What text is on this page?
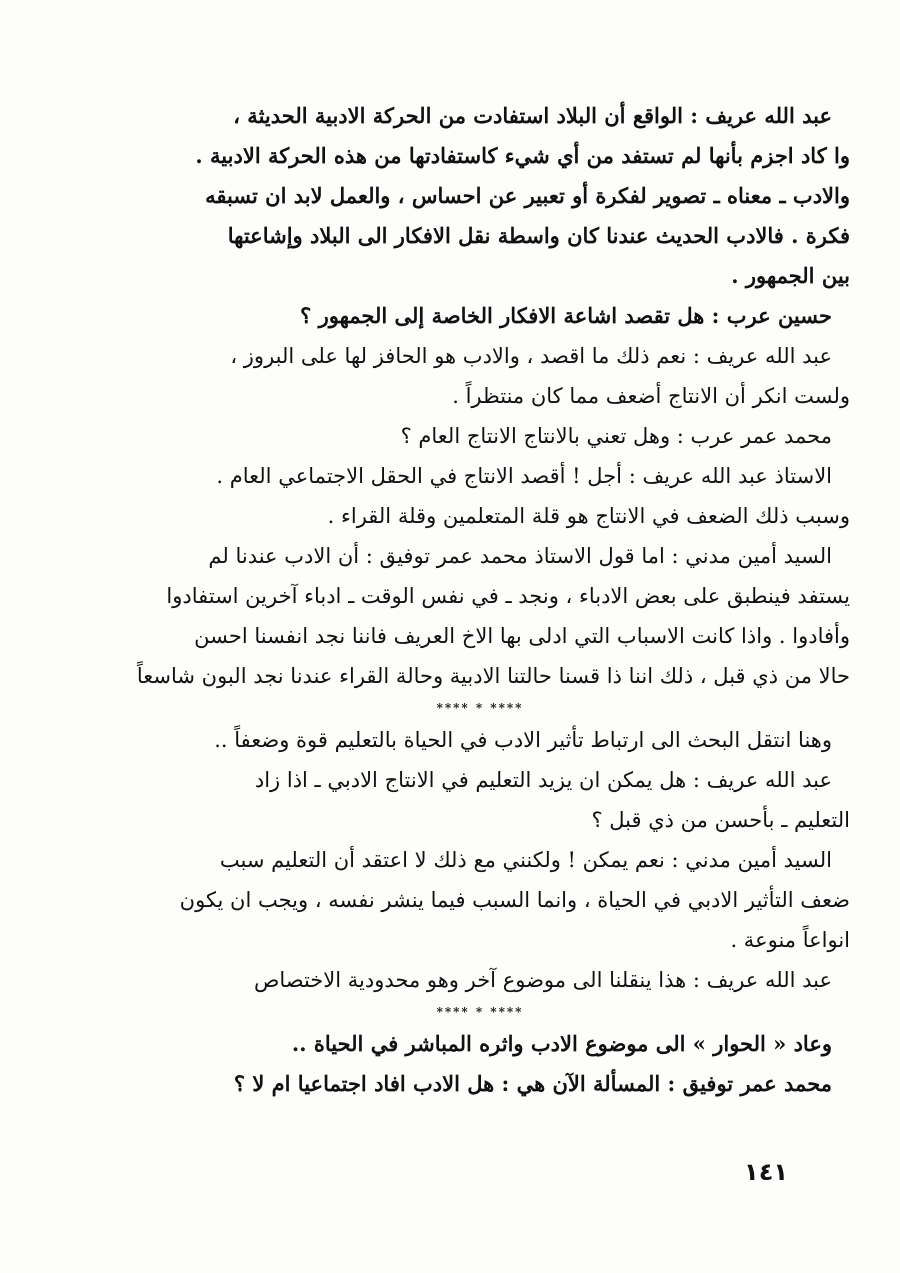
عبد الله عريف : الواقع أن البلاد استفادت من الحركة الادبية الحديثة ،
وا كاد اجزم بأنها لم تستفد من أي شيء كاستفادتها من هذه الحركة الادبية .
والادب ـ معناه ـ تصوير لفكرة أو تعبير عن احساس ، والعمل لابد ان تسبقه
فكرة . فالادب الحديث عندنا كان واسطة نقل الافكار الى البلاد وإشاعتها
بين الجمهور .
حسين عرب : هل تقصد اشاعة الافكار الخاصة إلى الجمهور ؟
عبد الله عريف : نعم ذلك ما اقصد ، والادب هو الحافز لها على البروز ،
ولست انكر أن الانتاج أضعف مما كان منتظراً .
محمد عمر عرب : وهل تعني بالانتاج الانتاج العام ؟
الاستاذ عبد الله عريف : أجل ! أقصد الانتاج في الحقل الاجتماعي العام .
وسبب ذلك الضعف في الانتاج هو قلة المتعلمين وقلة القراء .
السيد أمين مدني : اما قول الاستاذ محمد عمر توفيق : أن الادب عندنا لم
يستفد فينطبق على بعض الادباء ، ونجد ـ في نفس الوقت ـ ادباء آخرين استفادوا
وأفادوا . واذا كانت الاسباب التي ادلى بها الاخ العريف فاننا نجد انفسنا احسن
حالا من ذي قبل ، ذلك اننا ذا قسنا حالتنا الادبية وحالة القراء عندنا نجد البون شاسعاً
**** * ****
وهنا انتقل البحث الى ارتباط تأثير الادب في الحياة بالتعليم قوة وضعفاً ..
عبد الله عريف : هل يمكن ان يزيد التعليم في الانتاج الادبي ـ اذا زاد
التعليم ـ بأحسن من ذي قبل ؟
السيد أمين مدني : نعم يمكن ! ولكنني مع ذلك لا اعتقد أن التعليم سبب
ضعف التأثير الادبي في الحياة ، وانما السبب فيما ينشر نفسه ، ويجب ان يكون
انواعاً منوعة .
عبد الله عريف : هذا ينقلنا الى موضوع آخر وهو محدودية الاختصاص
**** * ****
وعاد « الحوار » الى موضوع الادب واثره المباشر في الحياة ..
محمد عمر توفيق : المسألة الآن هي : هل الادب افاد اجتماعيا ام لا ؟
١٤١
